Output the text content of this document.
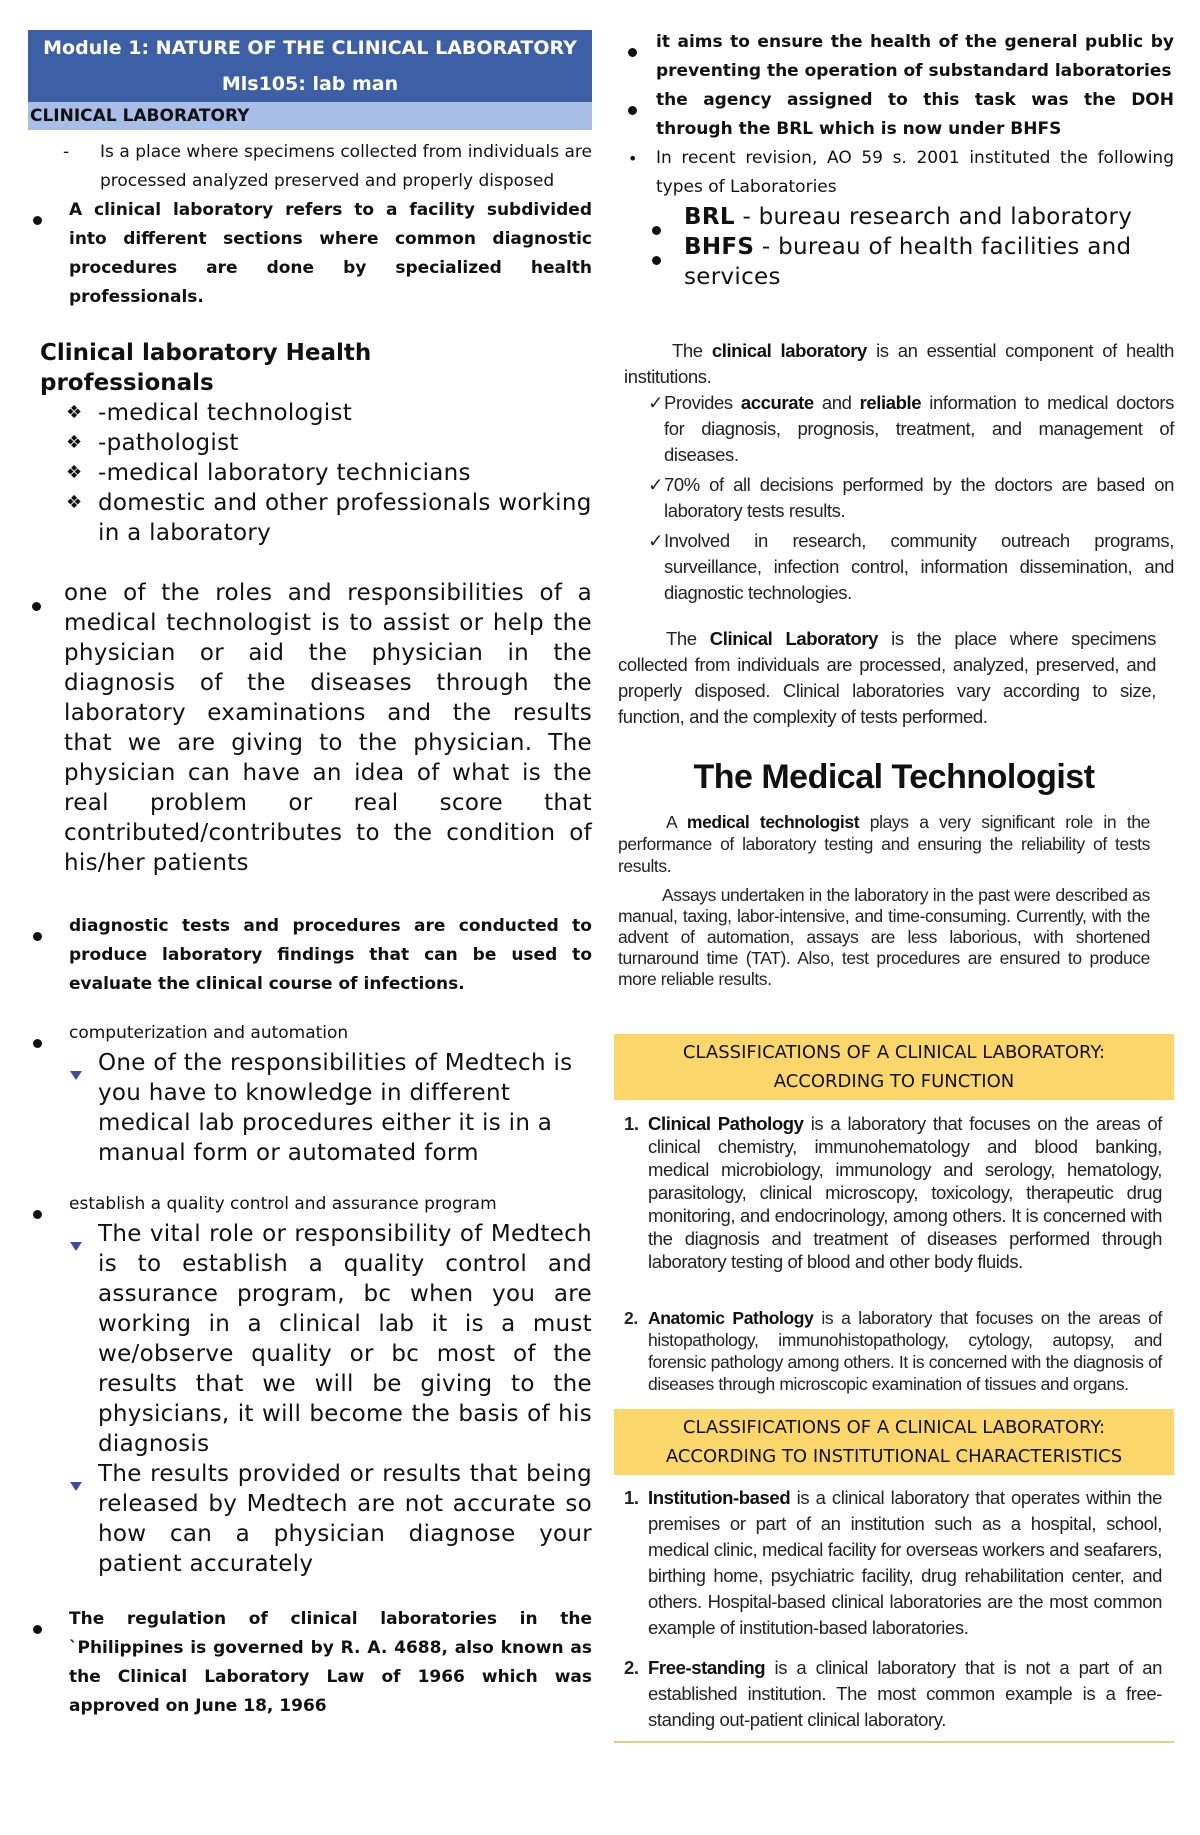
Module 1: NATURE OF THE CLINICAL LABORATORY
Mls105: lab man
CLINICAL LABORATORY
- Is a place where specimens collected from individuals are processed analyzed preserved and properly disposed
A clinical laboratory refers to a facility subdivided into different sections where common diagnostic procedures are done by specialized health professionals.
Clinical laboratory Health
professionals
❖ -medical technologist
❖ -pathologist
❖ -medical laboratory technicians
❖ domestic and other professionals working in a laboratory
one of the roles and responsibilities of a medical technologist is to assist or help the physician or aid the physician in the diagnosis of the diseases through the laboratory examinations and the results that we are giving to the physician. The physician can have an idea of what is the real problem or real score that contributed/contributes to the condition of his/her patients
diagnostic tests and procedures are conducted to produce laboratory findings that can be used to evaluate the clinical course of infections.
computerization and automation
One of the responsibilities of Medtech is you have to knowledge in different medical lab procedures either it is in a manual form or automated form
establish a quality control and assurance program
The vital role or responsibility of Medtech is to establish a quality control and assurance program, bc when you are working in a clinical lab it is a must we/observe quality or bc most of the results that we will be giving to the physicians, it will become the basis of his diagnosis
The results provided or results that being released by Medtech are not accurate so how can a physician diagnose your patient accurately
The regulation of clinical laboratories in the `Philippines is governed by R. A. 4688, also known as the Clinical Laboratory Law of 1966 which was approved on June 18, 1966
it aims to ensure the health of the general public by preventing the operation of substandard laboratories
the agency assigned to this task was the DOH through the BRL which is now under BHFS
• In recent revision, AO 59 s. 2001 instituted the following types of Laboratories
BRL - bureau research and laboratory
BHFS - bureau of health facilities and services
The clinical laboratory is an essential component of health institutions.
✓ Provides accurate and reliable information to medical doctors for diagnosis, prognosis, treatment, and management of diseases.
✓ 70% of all decisions performed by the doctors are based on laboratory tests results.
✓ Involved in research, community outreach programs, surveillance, infection control, information dissemination, and diagnostic technologies.
The Clinical Laboratory is the place where specimens collected from individuals are processed, analyzed, preserved, and properly disposed. Clinical laboratories vary according to size, function, and the complexity of tests performed.
The Medical Technologist
A medical technologist plays a very significant role in the performance of laboratory testing and ensuring the reliability of tests results.
Assays undertaken in the laboratory in the past were described as manual, taxing, labor-intensive, and time-consuming. Currently, with the advent of automation, assays are less laborious, with shortened turnaround time (TAT). Also, test procedures are ensured to produce more reliable results.
CLASSIFICATIONS OF A CLINICAL LABORATORY:
ACCORDING TO FUNCTION
1. Clinical Pathology is a laboratory that focuses on the areas of clinical chemistry, immunohematology and blood banking, medical microbiology, immunology and serology, hematology, parasitology, clinical microscopy, toxicology, therapeutic drug monitoring, and endocrinology, among others. It is concerned with the diagnosis and treatment of diseases performed through laboratory testing of blood and other body fluids.
2. Anatomic Pathology is a laboratory that focuses on the areas of histopathology, immunohistopathology, cytology, autopsy, and forensic pathology among others. It is concerned with the diagnosis of diseases through microscopic examination of tissues and organs.
CLASSIFICATIONS OF A CLINICAL LABORATORY:
ACCORDING TO INSTITUTIONAL CHARACTERISTICS
1. Institution-based is a clinical laboratory that operates within the premises or part of an institution such as a hospital, school, medical clinic, medical facility for overseas workers and seafarers, birthing home, psychiatric facility, drug rehabilitation center, and others. Hospital-based clinical laboratories are the most common example of institution-based laboratories.
2. Free-standing is a clinical laboratory that is not a part of an established institution. The most common example is a free-standing out-patient clinical laboratory.
